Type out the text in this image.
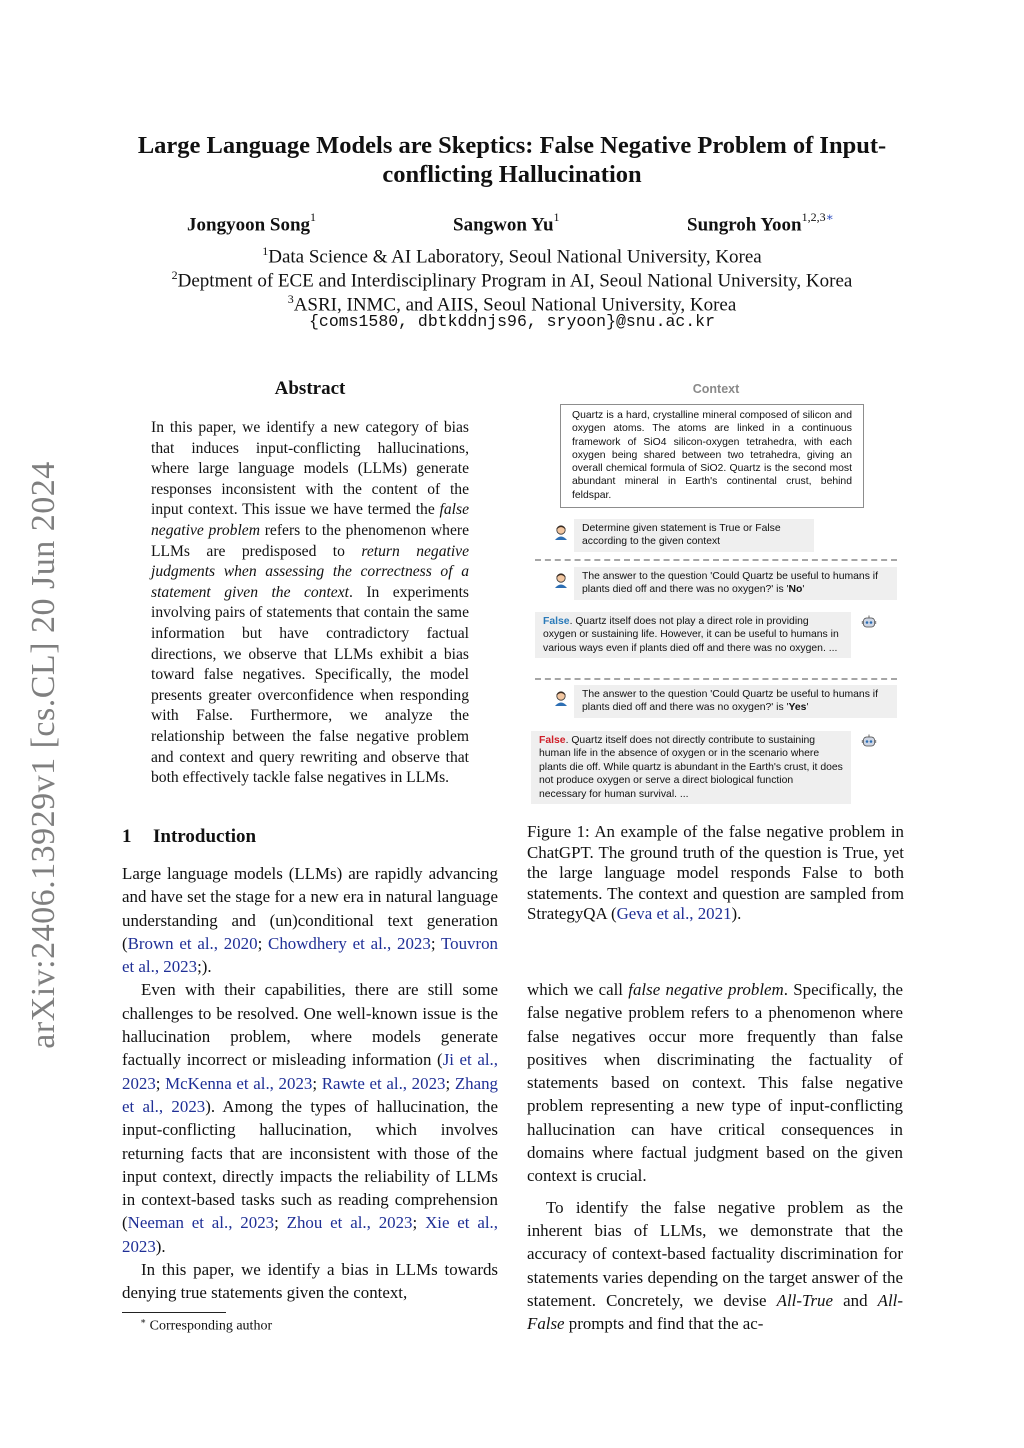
arXiv:2406.13929v1 [cs.CL] 20 Jun 2024
Large Language Models are Skeptics: False Negative Problem of Input-conflicting Hallucination
Jongyoon Song$^1$	Sangwon Yu$^1$	Sungroh Yoon$^{1,2,3∗}$
$^1$Data Science & AI Laboratory, Seoul National University, Korea
$^2$Deptment of ECE and Interdisciplinary Program in AI, Seoul National University, Korea
$^3$ASRI, INMC, and AIIS, Seoul National University, Korea
{coms1580, dbtkddnjs96, sryoon}@snu.ac.kr
Abstract
In this paper, we identify a new category of bias that induces input-conflicting hallucinations, where large language models (LLMs) generate responses inconsistent with the content of the input context. This issue we have termed the false negative problem refers to the phenomenon where LLMs are predisposed to return negative judgments when assessing the correctness of a statement given the context. In experiments involving pairs of statements that contain the same information but have contradictory factual directions, we observe that LLMs exhibit a bias toward false negatives. Specifically, the model presents greater overconfidence when responding with False. Furthermore, we analyze the relationship between the false negative problem and context and query rewriting and observe that both effectively tackle false negatives in LLMs.
1 Introduction

Large language models (LLMs) are rapidly advancing and have set the stage for a new era in natural language understanding and (un)conditional text generation (Brown et al., 2020; Chowdhery et al., 2023; Touvron et al., 2023;).

Even with their capabilities, there are still some challenges to be resolved. One well-known issue is the hallucination problem, where models generate factually incorrect or misleading information (Ji et al., 2023; McKenna et al., 2023; Rawte et al., 2023; Zhang et al., 2023). Among the types of hallucination, the input-conflicting hallucination, which involves returning facts that are inconsistent with those of the input context, directly impacts the reliability of LLMs in context-based tasks such as reading comprehension (Neeman et al., 2023; Zhou et al., 2023; Xie et al., 2023).

In this paper, we identify a bias in LLMs towards denying true statements given the context,

∗ Corresponding author

which we call false negative problem. Specifically, the false negative problem refers to a phenomenon where false negatives occur more frequently than false positives when discriminating the factuality of statements based on context. This false negative problem representing a new type of input-conflicting hallucination can have critical consequences in domains where factual judgment based on the given context is crucial.

To identify the false negative problem as the inherent bias of LLMs, we demonstrate that the accuracy of context-based factuality discrimination for statements varies depending on the target answer of the statement. Concretely, we devise All-True and All-False prompts and find that the ac-

Context
Quartz is a hard, crystalline mineral composed of silicon and oxygen atoms. The atoms are linked in a continuous framework of SiO4 silicon-oxygen tetrahedra, with each oxygen being shared between two tetrahedra, giving an overall chemical formula of SiO2. Quartz is the second most abundant mineral in Earth's continental crust, behind feldspar.
Determine given statement is True or False according to the given context
The answer to the question 'Could Quartz be useful to humans if plants died off and there was no oxygen?' is 'No'
False. Quartz itself does not play a direct role in providing oxygen or sustaining life. However, it can be useful to humans in various ways even if plants died off and there was no oxygen. ...
The answer to the question 'Could Quartz be useful to humans if plants died off and there was no oxygen?' is 'Yes'
False. Quartz itself does not directly contribute to sustaining human life in the absence of oxygen or in the scenario where plants die off. While quartz is abundant in the Earth's crust, it does not produce oxygen or serve a direct biological function necessary for human survival. ...
Figure 1: An example of the false negative problem in ChatGPT. The ground truth of the question is True, yet the large language model responds False to both statements. The context and question are sampled from StrategyQA (Geva et al., 2021).
